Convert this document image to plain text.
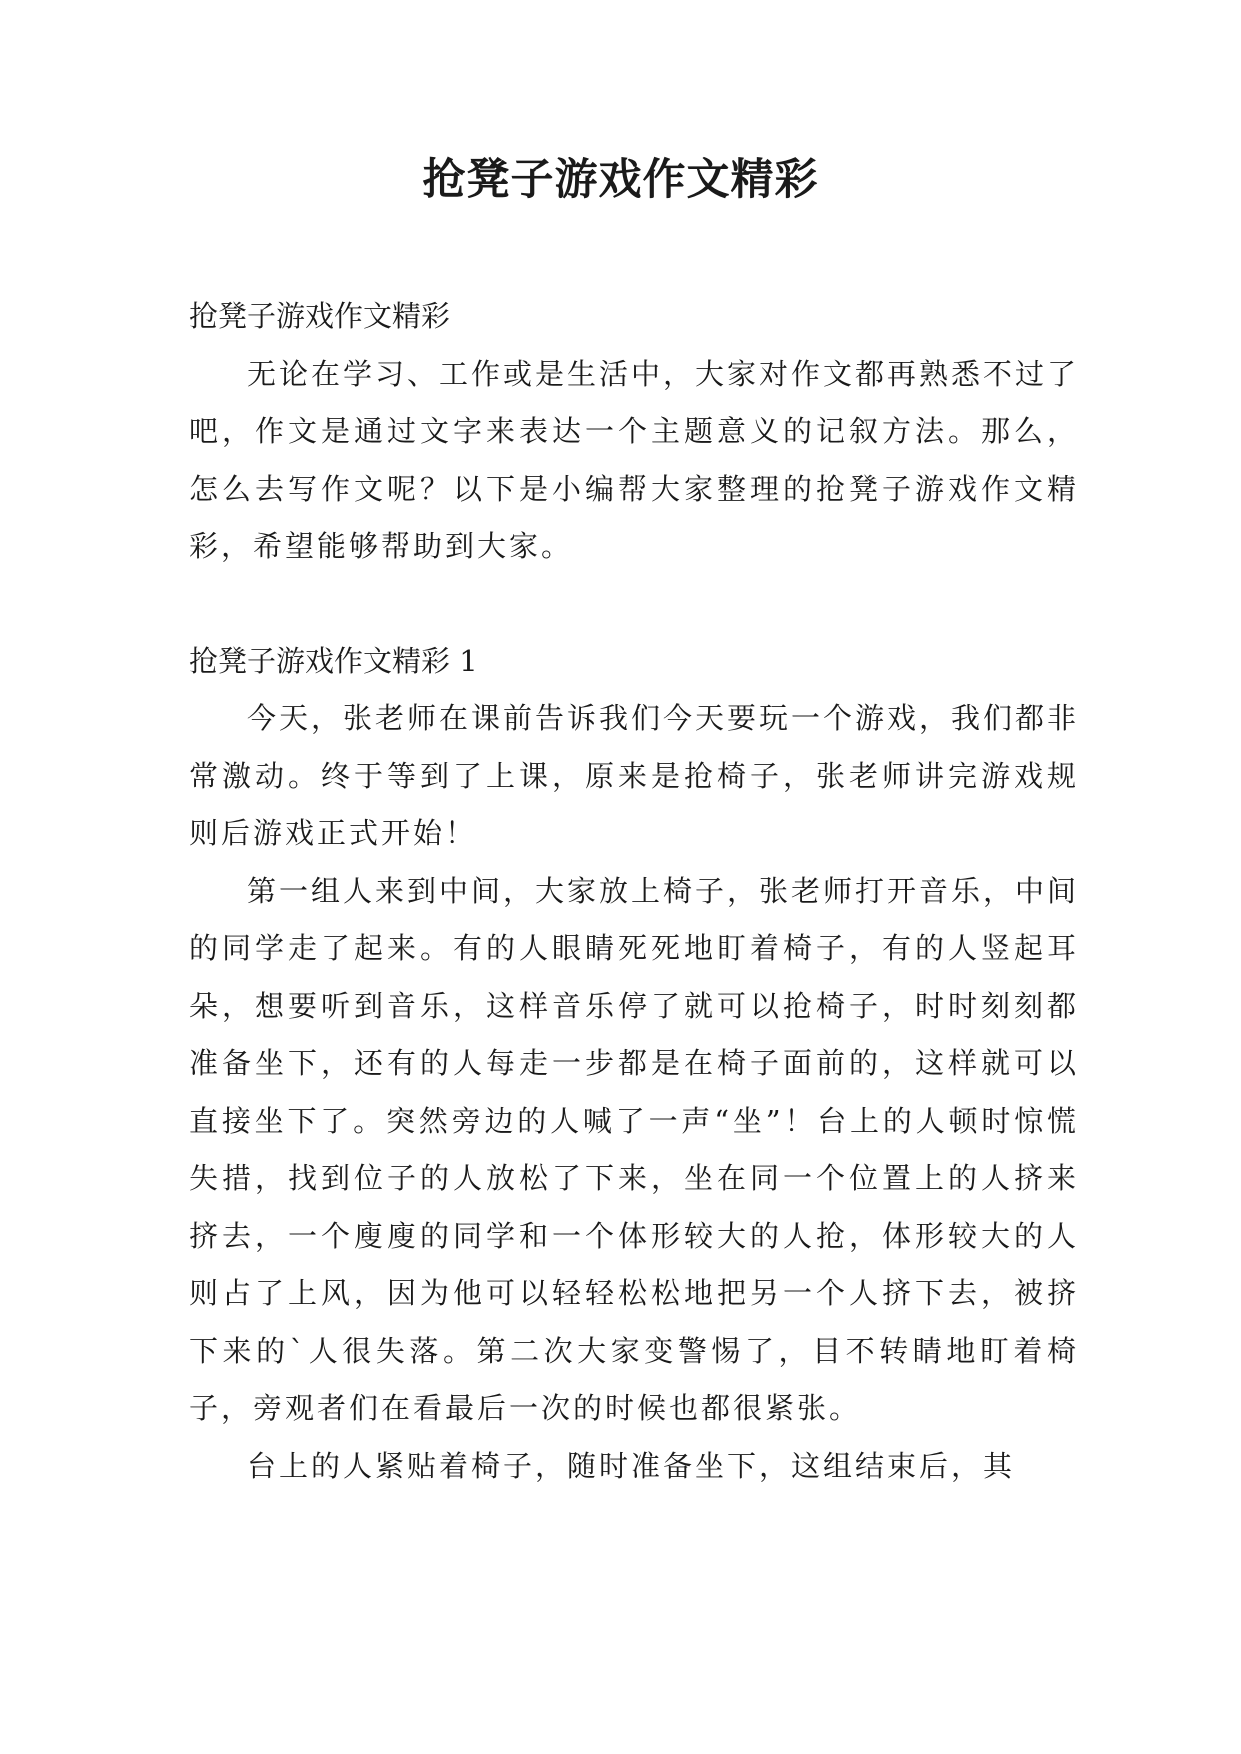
抢凳子游戏作文精彩

抢凳子游戏作文精彩

无论在学习、工作或是生活中，大家对作文都再熟悉不过了吧，作文是通过文字来表达一个主题意义的记叙方法。那么，怎么去写作文呢？以下是小编帮大家整理的抢凳子游戏作文精彩，希望能够帮助到大家。

抢凳子游戏作文精彩 1

今天，张老师在课前告诉我们今天要玩一个游戏，我们都非常激动。终于等到了上课，原来是抢椅子，张老师讲完游戏规则后游戏正式开始！

第一组人来到中间，大家放上椅子，张老师打开音乐，中间的同学走了起来。有的人眼睛死死地盯着椅子，有的人竖起耳朵，想要听到音乐，这样音乐停了就可以抢椅子，时时刻刻都准备坐下，还有的人每走一步都是在椅子面前的，这样就可以直接坐下了。突然旁边的人喊了一声“坐”！台上的人顿时惊慌失措，找到位子的人放松了下来，坐在同一个位置上的人挤来挤去，一个廋廋的同学和一个体形较大的人抢，体形较大的人则占了上风，因为他可以轻轻松松地把另一个人挤下去，被挤下来的`人很失落。第二次大家变警惕了，目不转睛地盯着椅子，旁观者们在看最后一次的时候也都很紧张。

台上的人紧贴着椅子，随时准备坐下，这组结束后，其
